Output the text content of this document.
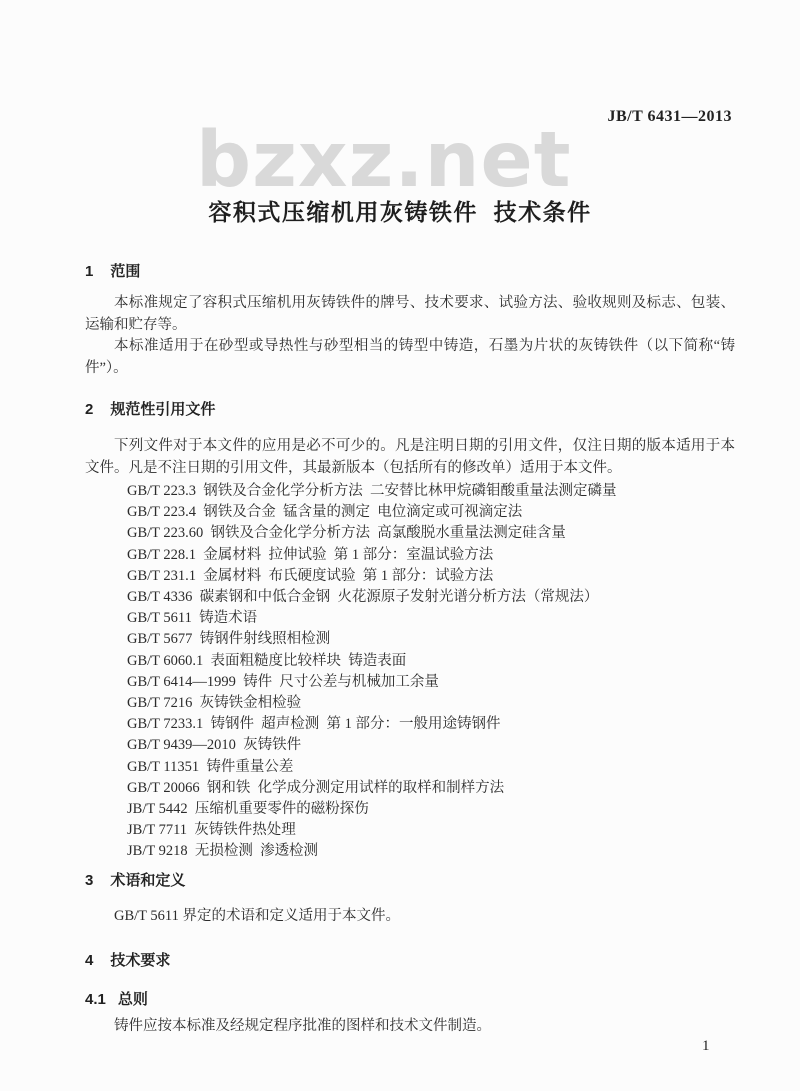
JB/T 6431—2013
bzxz.net
容积式压缩机用灰铸铁件  技术条件
1 范围

本标准规定了容积式压缩机用灰铸铁件的牌号、技术要求、试验方法、验收规则及标志、包装、运输和贮存等。

本标准适用于在砂型或导热性与砂型相当的铸型中铸造，石墨为片状的灰铸铁件（以下简称“铸件”）。

2 规范性引用文件

下列文件对于本文件的应用是必不可少的。凡是注明日期的引用文件，仅注日期的版本适用于本文件。凡是不注日期的引用文件，其最新版本（包括所有的修改单）适用于本文件。

GB/T 223.3  钢铁及合金化学分析方法  二安替比林甲烷磷钼酸重量法测定磷量
GB/T 223.4  钢铁及合金  锰含量的测定  电位滴定或可视滴定法
GB/T 223.60  钢铁及合金化学分析方法  高氯酸脱水重量法测定硅含量
GB/T 228.1  金属材料  拉伸试验  第 1 部分：室温试验方法
GB/T 231.1  金属材料  布氏硬度试验  第 1 部分：试验方法
GB/T 4336  碳素钢和中低合金钢  火花源原子发射光谱分析方法（常规法）
GB/T 5611  铸造术语
GB/T 5677  铸钢件射线照相检测
GB/T 6060.1  表面粗糙度比较样块  铸造表面
GB/T 6414—1999  铸件  尺寸公差与机械加工余量
GB/T 7216  灰铸铁金相检验
GB/T 7233.1  铸钢件  超声检测  第 1 部分：一般用途铸钢件
GB/T 9439—2010  灰铸铁件
GB/T 11351  铸件重量公差
GB/T 20066  钢和铁  化学成分测定用试样的取样和制样方法
JB/T 5442  压缩机重要零件的磁粉探伤
JB/T 7711  灰铸铁件热处理
JB/T 9218  无损检测  渗透检测
3 术语和定义

GB/T 5611 界定的术语和定义适用于本文件。

4 技术要求
4.1 总则

铸件应按本标准及经规定程序批准的图样和技术文件制造。

1
